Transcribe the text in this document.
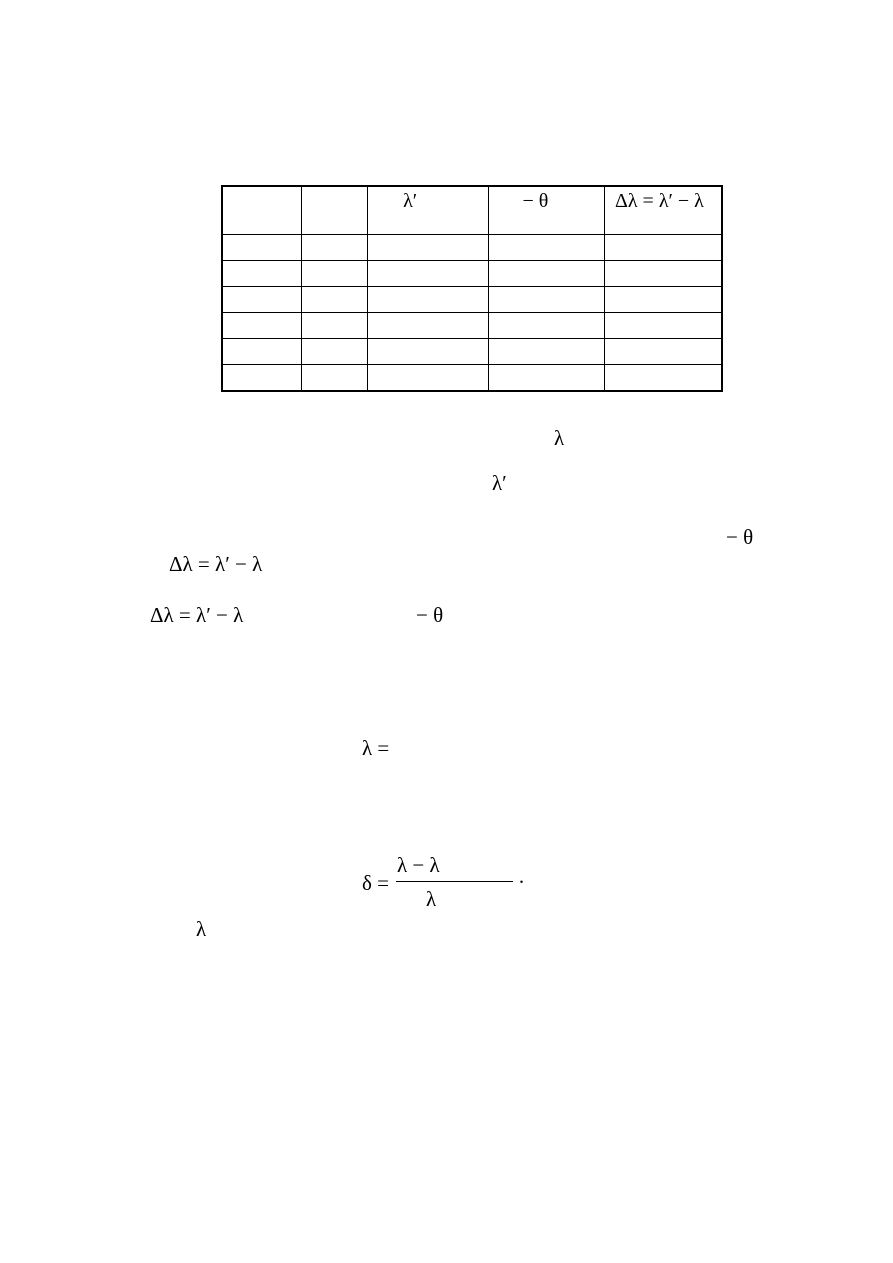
		λ′	− θ	Δλ = λ′ − λ

λ
λ′
− θ
Δλ = λ′ − λ
Δλ = λ′ − λ	− θ
λ =
δ =
λ − λ
λ
·
λ
